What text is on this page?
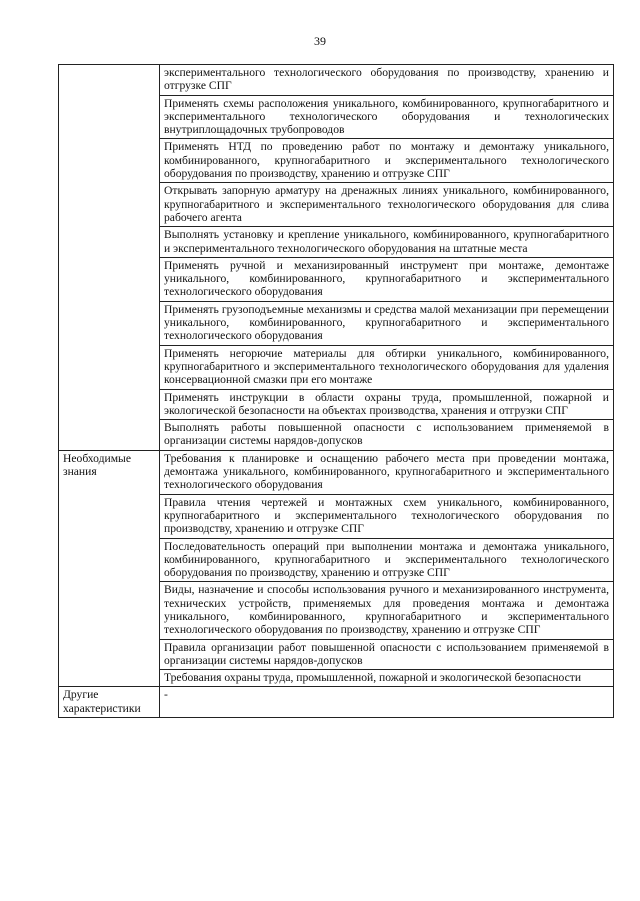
39

	экспериментального технологического оборудования по производству, хранению и отгрузке СПГ

	Применять схемы расположения уникального, комбинированного, крупногабаритного и экспериментального технологического оборудования и технологических внутриплощадочных трубопроводов

	Применять НТД по проведению работ по монтажу и демонтажу уникального, комбинированного, крупногабаритного и экспериментального технологического оборудования по производству, хранению и отгрузке СПГ

	Открывать запорную арматуру на дренажных линиях уникального, комбинированного, крупногабаритного и экспериментального технологического оборудования для слива рабочего агента

	Выполнять установку и крепление уникального, комбинированного, крупногабаритного и экспериментального технологического оборудования на штатные места

	Применять ручной и механизированный инструмент при монтаже, демонтаже уникального, комбинированного, крупногабаритного и экспериментального технологического оборудования

	Применять грузоподъемные механизмы и средства малой механизации при перемещении уникального, комбинированного, крупногабаритного и экспериментального технологического оборудования

	Применять негорючие материалы для обтирки уникального, комбинированного, крупногабаритного и экспериментального технологического оборудования для удаления консервационной смазки при его монтаже

	Применять инструкции в области охраны труда, промышленной, пожарной и экологической безопасности на объектах производства, хранения и отгрузки СПГ

	Выполнять работы повышенной опасности с использованием применяемой в организации системы нарядов-допусков

Необходимые знания	Требования к планировке и оснащению рабочего места при проведении монтажа, демонтажа уникального, комбинированного, крупногабаритного и экспериментального технологического оборудования

	Правила чтения чертежей и монтажных схем уникального, комбинированного, крупногабаритного и экспериментального технологического оборудования по производству, хранению и отгрузке СПГ

	Последовательность операций при выполнении монтажа и демонтажа уникального, комбинированного, крупногабаритного и экспериментального технологического оборудования по производству, хранению и отгрузке СПГ

	Виды, назначение и способы использования ручного и механизированного инструмента, технических устройств, применяемых для проведения монтажа и демонтажа уникального, комбинированного, крупногабаритного и экспериментального технологического оборудования по производству, хранению и отгрузке СПГ

	Правила организации работ повышенной опасности с использованием применяемой в организации системы нарядов-допусков

	Требования охраны труда, промышленной, пожарной и экологической безопасности

Другие характеристики	-
